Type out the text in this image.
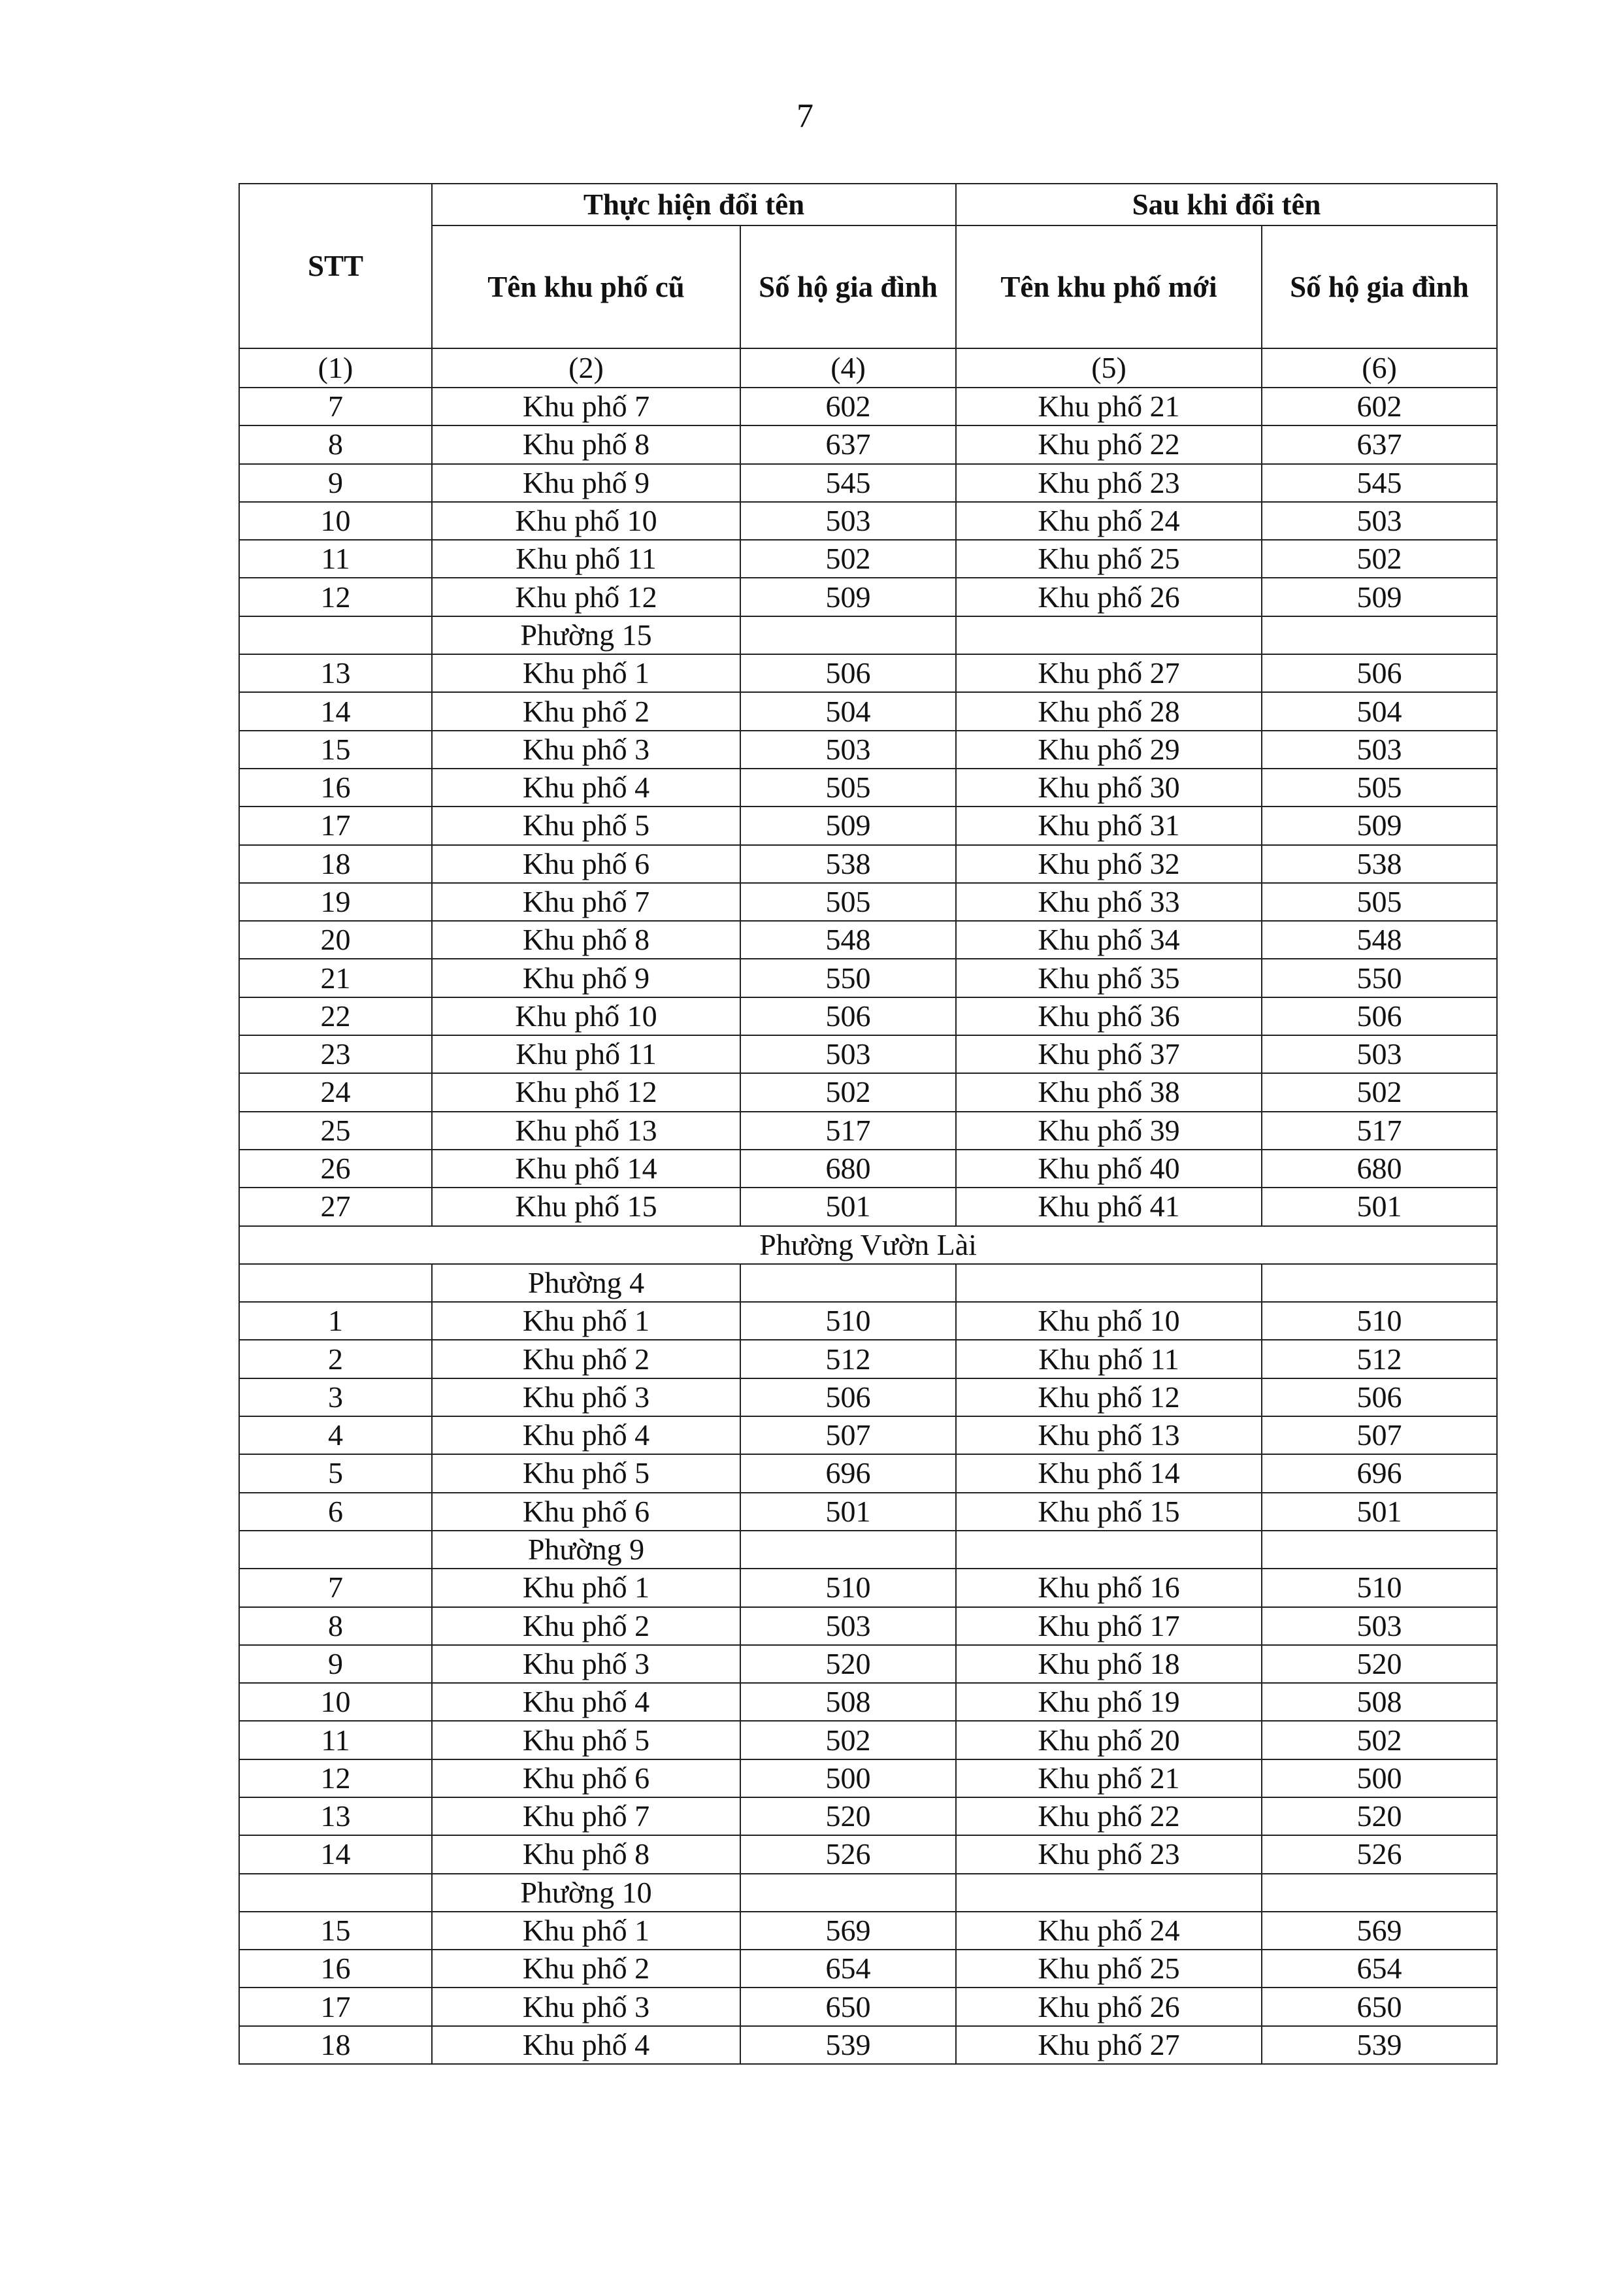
7
STT	Thực hiện đổi tên		Sau khi đổi tên	
	Tên khu phố cũ	Số hộ gia đình	Tên khu phố mới	Số hộ gia đình
(1)	(2)	(4)	(5)	(6)
7	Khu phố 7	602	Khu phố 21	602
8	Khu phố 8	637	Khu phố 22	637
9	Khu phố 9	545	Khu phố 23	545
10	Khu phố 10	503	Khu phố 24	503
11	Khu phố 11	502	Khu phố 25	502
12	Khu phố 12	509	Khu phố 26	509
	Phường 15			
13	Khu phố 1	506	Khu phố 27	506
14	Khu phố 2	504	Khu phố 28	504
15	Khu phố 3	503	Khu phố 29	503
16	Khu phố 4	505	Khu phố 30	505
17	Khu phố 5	509	Khu phố 31	509
18	Khu phố 6	538	Khu phố 32	538
19	Khu phố 7	505	Khu phố 33	505
20	Khu phố 8	548	Khu phố 34	548
21	Khu phố 9	550	Khu phố 35	550
22	Khu phố 10	506	Khu phố 36	506
23	Khu phố 11	503	Khu phố 37	503
24	Khu phố 12	502	Khu phố 38	502
25	Khu phố 13	517	Khu phố 39	517
26	Khu phố 14	680	Khu phố 40	680
27	Khu phố 15	501	Khu phố 41	501
Phường Vườn Lài				
	Phường 4			
1	Khu phố 1	510	Khu phố 10	510
2	Khu phố 2	512	Khu phố 11	512
3	Khu phố 3	506	Khu phố 12	506
4	Khu phố 4	507	Khu phố 13	507
5	Khu phố 5	696	Khu phố 14	696
6	Khu phố 6	501	Khu phố 15	501
	Phường 9			
7	Khu phố 1	510	Khu phố 16	510
8	Khu phố 2	503	Khu phố 17	503
9	Khu phố 3	520	Khu phố 18	520
10	Khu phố 4	508	Khu phố 19	508
11	Khu phố 5	502	Khu phố 20	502
12	Khu phố 6	500	Khu phố 21	500
13	Khu phố 7	520	Khu phố 22	520
14	Khu phố 8	526	Khu phố 23	526
	Phường 10			
15	Khu phố 1	569	Khu phố 24	569
16	Khu phố 2	654	Khu phố 25	654
17	Khu phố 3	650	Khu phố 26	650
18	Khu phố 4	539	Khu phố 27	539
